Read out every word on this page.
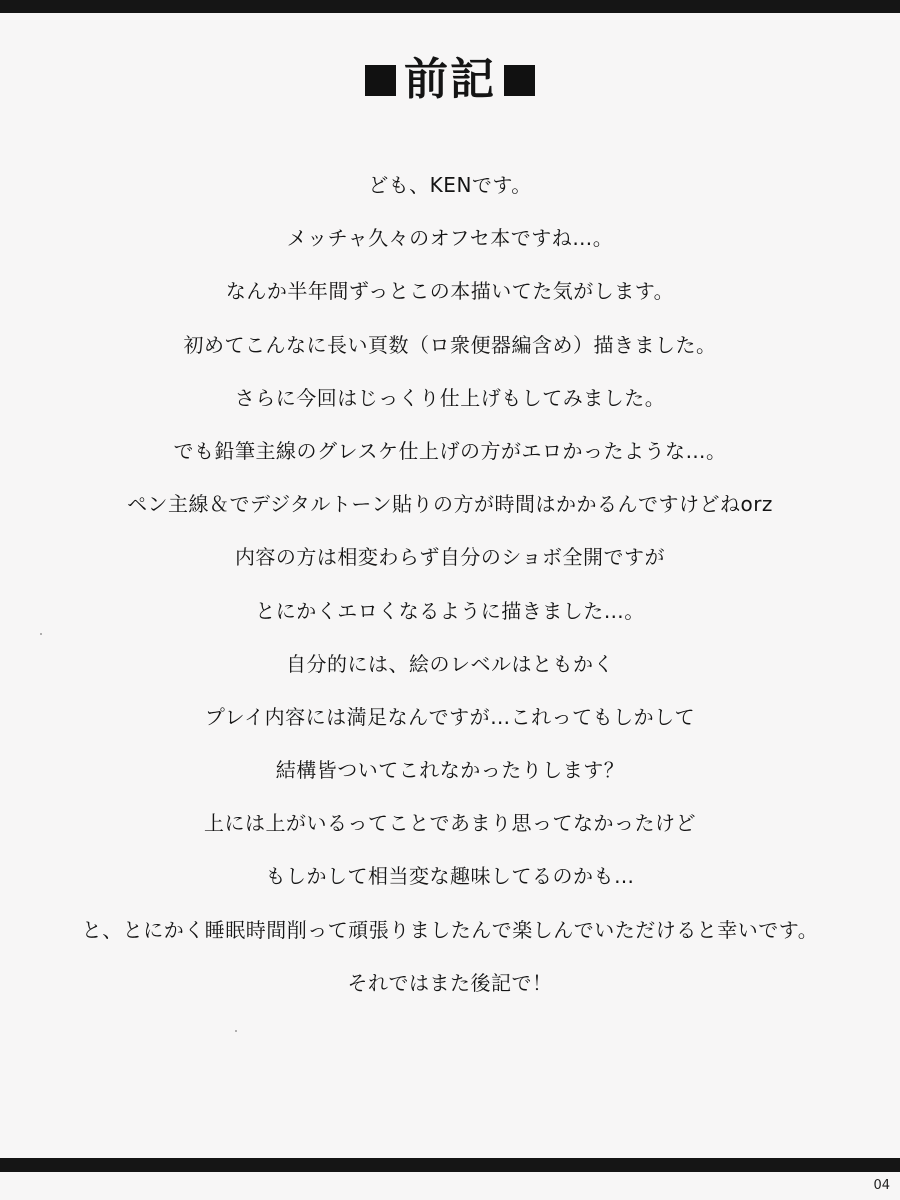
前記
ども、KENです。
メッチャ久々のオフセ本ですね…。
なんか半年間ずっとこの本描いてた気がします。
初めてこんなに長い頁数（ロ衆便器編含め）描きました。
さらに今回はじっくり仕上げもしてみました。
でも鉛筆主線のグレスケ仕上げの方がエロかったような…。
ペン主線＆でデジタルトーン貼りの方が時間はかかるんですけどねorz
内容の方は相変わらず自分のショボ全開ですが
とにかくエロくなるように描きました…。
自分的には、絵のレベルはともかく
プレイ内容には満足なんですが…これってもしかして
結構皆ついてこれなかったりします？
上には上がいるってことであまり思ってなかったけど
もしかして相当変な趣味してるのかも…
と、とにかく睡眠時間削って頑張りましたんで楽しんでいただけると幸いです。
それではまた後記で！
04
